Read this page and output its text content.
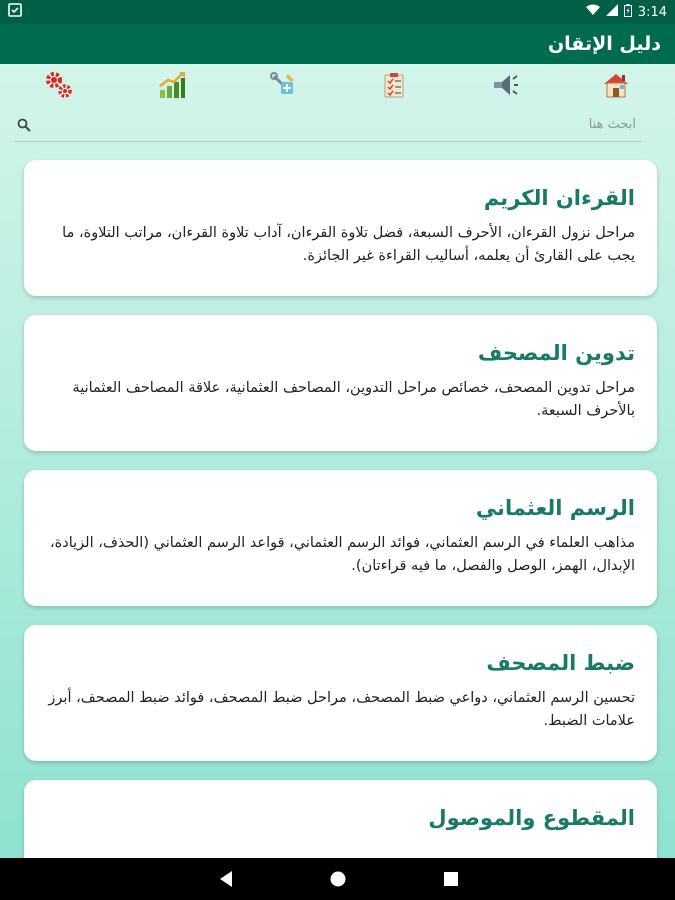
3:14
دليل الإتقان
ابحث هنا
القرءان الكريم
مراحل نزول القرءان، الأحرف السبعة، فضل تلاوة القرءان، آداب تلاوة القرءان، مراتب التلاوة، ما يجب على القارئ أن يعلمه، أساليب القراءة غير الجائزة.
تدوين المصحف
مراحل تدوين المصحف، خصائص مراحل التدوين، المصاحف العثمانية، علاقة المصاحف العثمانية بالأحرف السبعة.
الرسم العثماني
مذاهب العلماء في الرسم العثماني، فوائد الرسم العثماني، قواعد الرسم العثماني (الحذف، الزيادة، الإبدال، الهمز، الوصل والفصل، ما فيه قراءتان).
ضبط المصحف
تحسين الرسم العثماني، دواعي ضبط المصحف، مراحل ضبط المصحف، فوائد ضبط المصحف، أبرز علامات الضبط.
المقطوع والموصول
